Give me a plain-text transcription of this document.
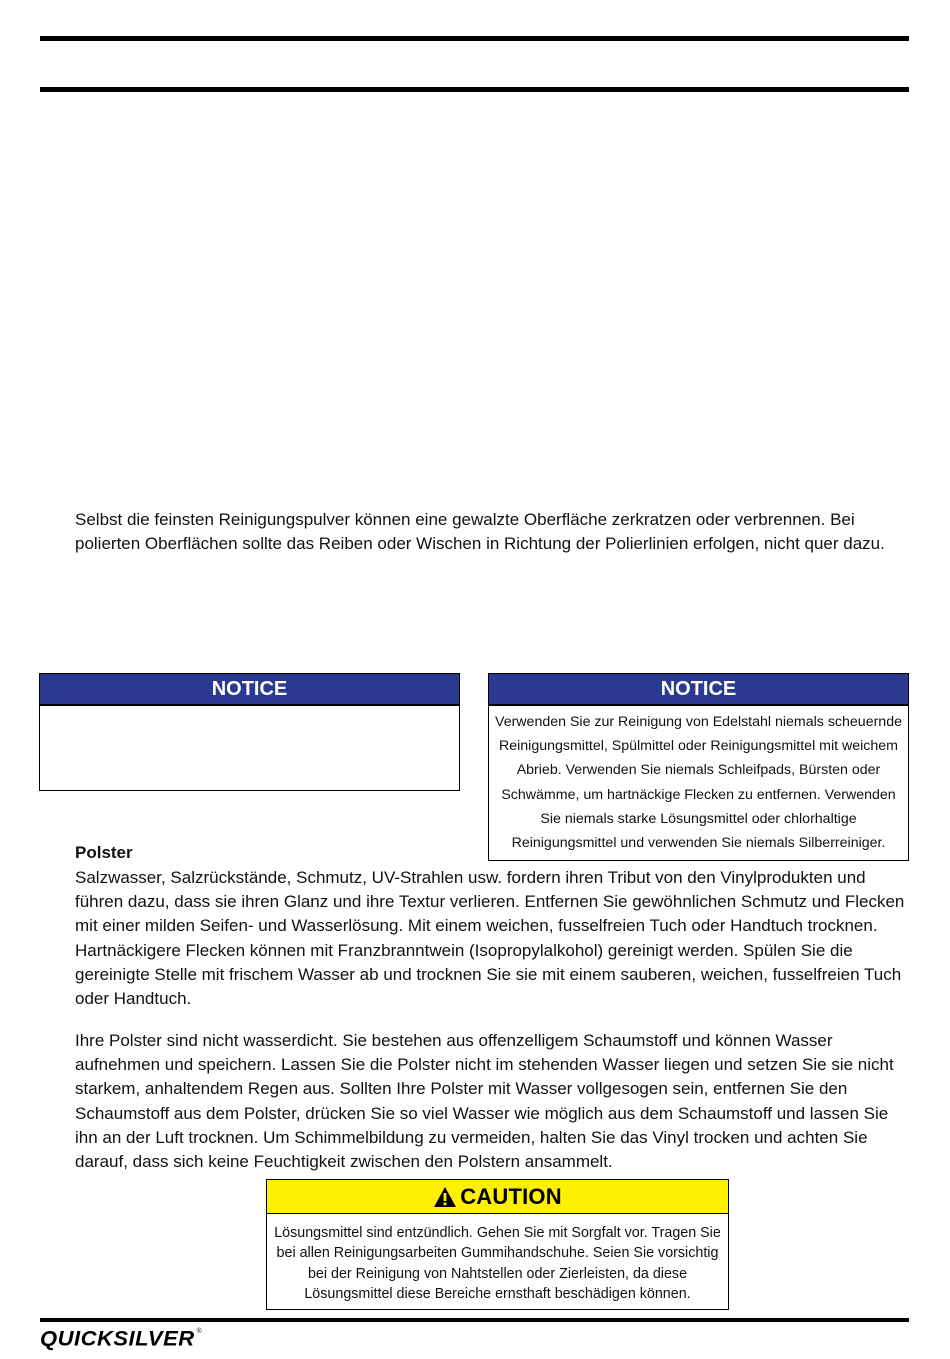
Selbst die feinsten Reinigungspulver können eine gewalzte Oberfläche zerkratzen oder verbrennen. Bei polierten Oberflächen sollte das Reiben oder Wischen in Richtung der Polierlinien erfolgen, nicht quer dazu.

NOTICE	NOTICE
Verwenden Sie zur Reinigung von Edelstahl niemals scheuernde Reinigungsmittel, Spülmittel oder Reinigungsmittel mit weichem Abrieb. Verwenden Sie niemals Schleifpads, Bürsten oder Schwämme, um hartnäckige Flecken zu entfernen. Verwenden Sie niemals starke Lösungsmittel oder chlorhaltige Reinigungsmittel und verwenden Sie niemals Silberreiniger.

Polster

Salzwasser, Salzrückstände, Schmutz, UV-Strahlen usw. fordern ihren Tribut von den Vinylprodukten und führen dazu, dass sie ihren Glanz und ihre Textur verlieren. Entfernen Sie gewöhnlichen Schmutz und Flecken mit einer milden Seifen- und Wasserlösung. Mit einem weichen, fusselfreien Tuch oder Handtuch trocknen. Hartnäckigere Flecken können mit Franzbranntwein (Isopropylalkohol) gereinigt werden. Spülen Sie die gereinigte Stelle mit frischem Wasser ab und trocknen Sie sie mit einem sauberen, weichen, fusselfreien Tuch oder Handtuch.

Ihre Polster sind nicht wasserdicht. Sie bestehen aus offenzelligem Schaumstoff und können Wasser aufnehmen und speichern. Lassen Sie die Polster nicht im stehenden Wasser liegen und setzen Sie sie nicht starkem, anhaltendem Regen aus. Sollten Ihre Polster mit Wasser vollgesogen sein, entfernen Sie den Schaumstoff aus dem Polster, drücken Sie so viel Wasser wie möglich aus dem Schaumstoff und lassen Sie ihn an der Luft trocknen. Um Schimmelbildung zu vermeiden, halten Sie das Vinyl trocken und achten Sie darauf, dass sich keine Feuchtigkeit zwischen den Polstern ansammelt.

CAUTION
Lösungsmittel sind entzündlich. Gehen Sie mit Sorgfalt vor. Tragen Sie bei allen Reinigungsarbeiten Gummihandschuhe. Seien Sie vorsichtig bei der Reinigung von Nahtstellen oder Zierleisten, da diese Lösungsmittel diese Bereiche ernsthaft beschädigen können.
QUICKSILVER ®
